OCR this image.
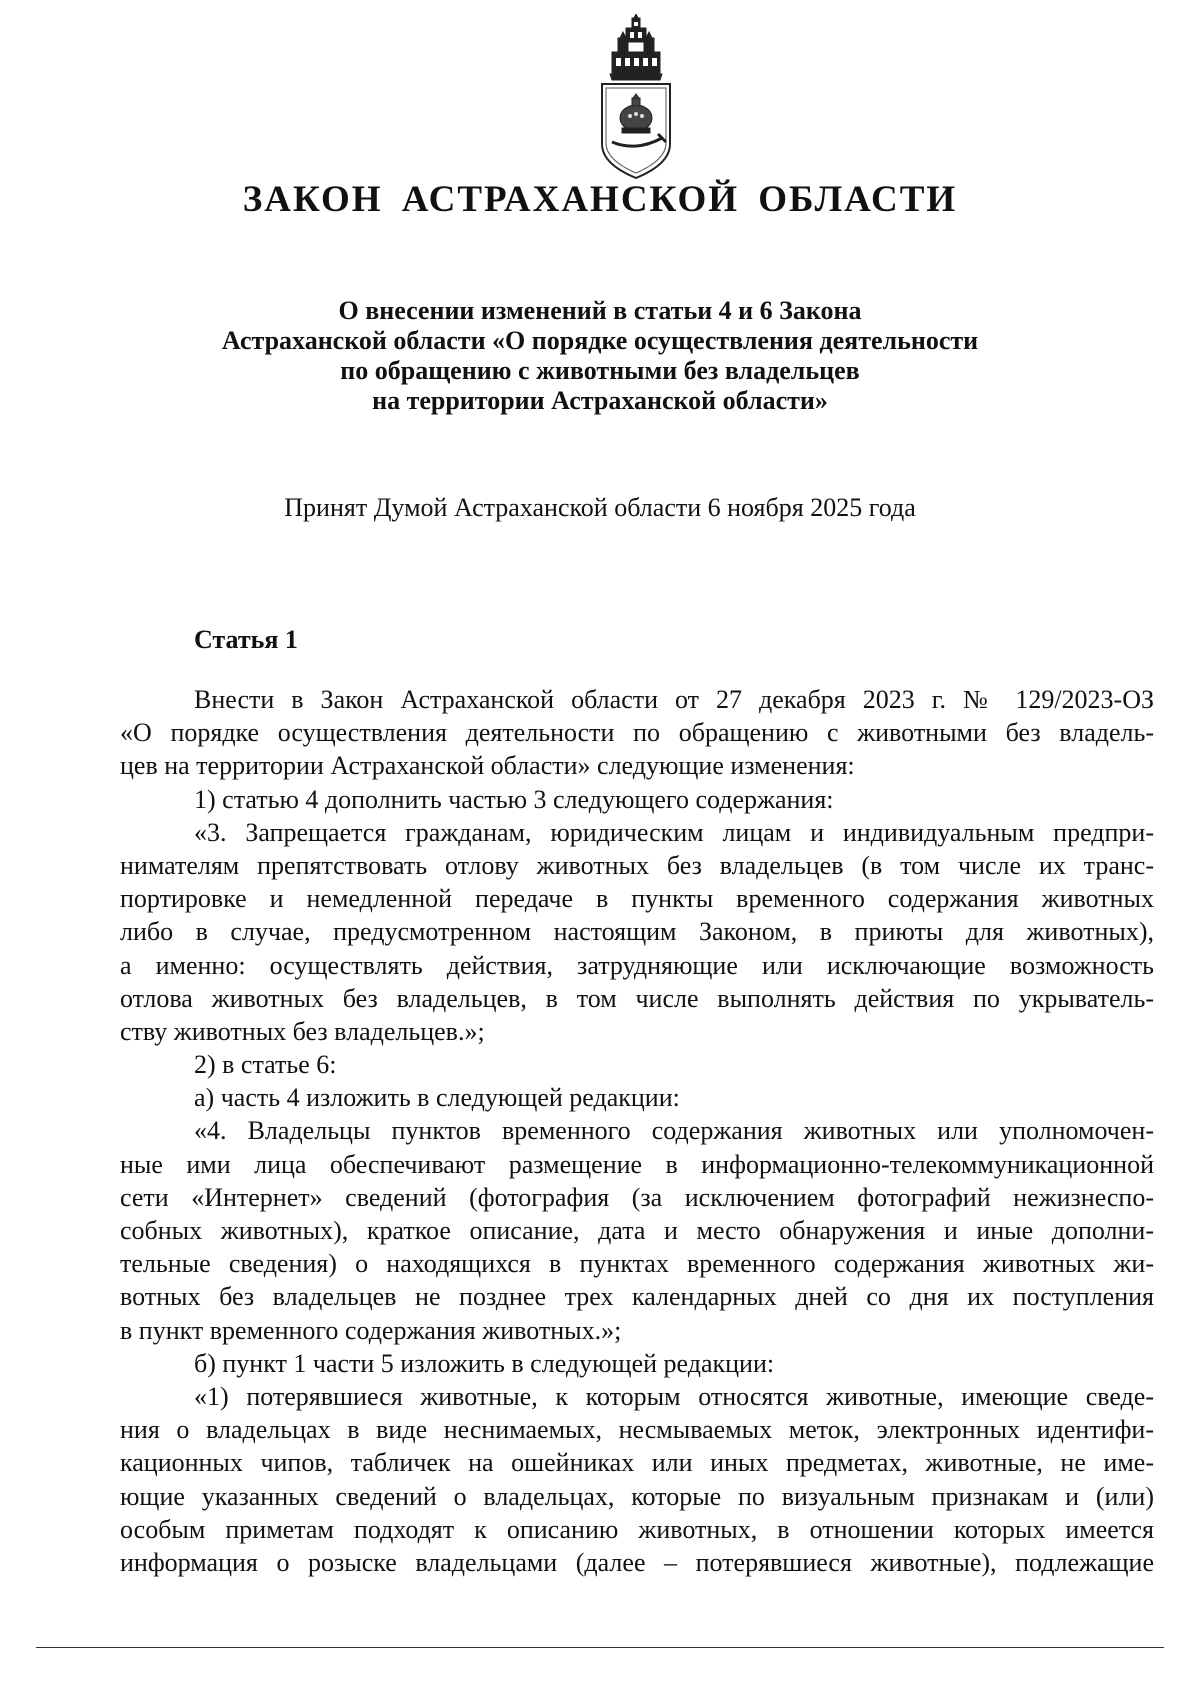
ЗАКОН АСТРАХАНСКОЙ ОБЛАСТИ
О внесении изменений в статьи 4 и 6 Закона
Астраханской области «О порядке осуществления деятельности
по обращению с животными без владельцев
на территории Астраханской области»

Принят Думой Астраханской области 6 ноября 2025 года

Статья 1
Внести в Закон Астраханской области от 27 декабря 2023 г. № 129/2023-ОЗ
«О порядке осуществления деятельности по обращению с животными без владель-
цев на территории Астраханской области» следующие изменения:
1) статью 4 дополнить частью 3 следующего содержания:
«3. Запрещается гражданам, юридическим лицам и индивидуальным предпри-
нимателям препятствовать отлову животных без владельцев (в том числе их транс-
портировке и немедленной передаче в пункты временного содержания животных
либо в случае, предусмотренном настоящим Законом, в приюты для животных),
а именно: осуществлять действия, затрудняющие или исключающие возможность
отлова животных без владельцев, в том числе выполнять действия по укрыватель-
ству животных без владельцев.»;
2) в статье 6:
а) часть 4 изложить в следующей редакции:
«4. Владельцы пунктов временного содержания животных или уполномочен-
ные ими лица обеспечивают размещение в информационно-телекоммуникационной
сети «Интернет» сведений (фотография (за исключением фотографий нежизнеспо-
собных животных), краткое описание, дата и место обнаружения и иные дополни-
тельные сведения) о находящихся в пунктах временного содержания животных жи-
вотных без владельцев не позднее трех календарных дней со дня их поступления
в пункт временного содержания животных.»;
б) пункт 1 части 5 изложить в следующей редакции:
«1) потерявшиеся животные, к которым относятся животные, имеющие сведе-
ния о владельцах в виде неснимаемых, несмываемых меток, электронных идентифи-
кационных чипов, табличек на ошейниках или иных предметах, животные, не име-
ющие указанных сведений о владельцах, которые по визуальным признакам и (или)
особым приметам подходят к описанию животных, в отношении которых имеется
информация о розыске владельцами (далее – потерявшиеся животные), подлежащие
